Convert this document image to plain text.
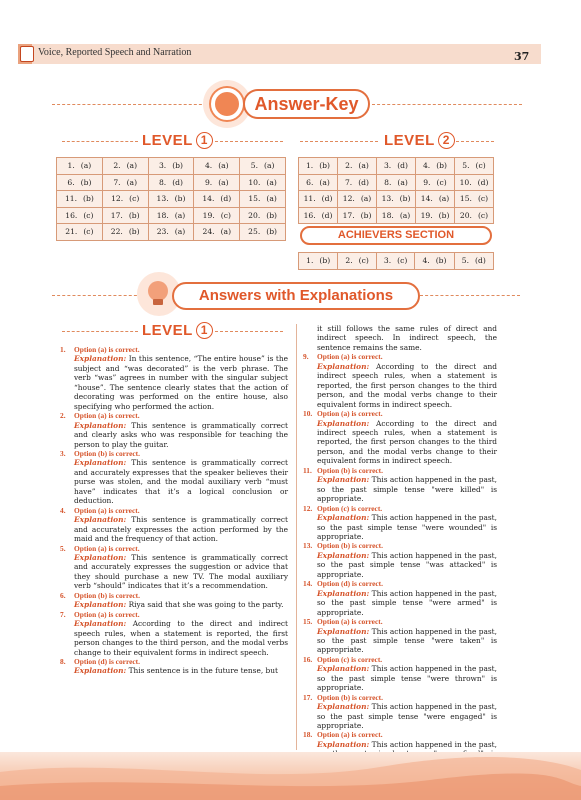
Voice, Reported Speech and Narration	37
Answer-Key
LEVEL 1	LEVEL 2
1. (a)	2. (a)	3. (b)	4. (a)	5. (a)
6. (b)	7. (a)	8. (d)	9. (a)	10. (a)
11. (b)	12. (c)	13. (b)	14. (d)	15. (a)
16. (c)	17. (b)	18. (a)	19. (c)	20. (b)
21. (c)	22. (b)	23. (a)	24. (a)	25. (b)
1. (b)	2. (a)	3. (d)	4. (b)	5. (c)
6. (a)	7. (d)	8. (a)	9. (c)	10. (d)
11. (d)	12. (a)	13. (b)	14. (a)	15. (c)
16. (d)	17. (b)	18. (a)	19. (b)	20. (c)
ACHIEVERS SECTION
1. (b)	2. (c)	3. (c)	4. (b)	5. (d)
Answers with Explanations
LEVEL 1
1. Option (a) is correct.
Explanation: In this sentence, “The entire house” is the subject and “was decorated” is the verb phrase. The verb “was” agrees in number with the singular subject “house”. The sentence clearly states that the action of decorating was performed on the entire house, also specifying who performed the action.
2. Option (a) is correct.
Explanation: This sentence is grammatically correct and clearly asks who was responsible for teaching the person to play the guitar.
3. Option (b) is correct.
Explanation: This sentence is grammatically correct and accurately expresses that the speaker believes their purse was stolen, and the modal auxiliary verb “must have” indicates that it’s a logical conclusion or deduction.
4. Option (a) is correct.
Explanation: This sentence is grammatically correct and accurately expresses the action performed by the maid and the frequency of that action.
5. Option (a) is correct.
Explanation: This sentence is grammatically correct and accurately expresses the suggestion or advice that they should purchase a new TV. The modal auxiliary verb “should” indicates that it’s a recommendation.
6. Option (b) is correct.
Explanation: Riya said that she was going to the party.
7. Option (a) is correct.
Explanation: According to the direct and indirect speech rules, when a statement is reported, the first person changes to the third person, and the modal verbs change to their equivalent forms in indirect speech.
8. Option (d) is correct.
Explanation: This sentence is in the future tense, but
it still follows the same rules of direct and indirect speech. In indirect speech, the sentence remains the same.
9. Option (a) is correct.
Explanation: According to the direct and indirect speech rules, when a statement is reported, the first person changes to the third person, and the modal verbs change to their equivalent forms in indirect speech.
10. Option (a) is correct.
Explanation: According to the direct and indirect speech rules, when a statement is reported, the first person changes to the third person, and the modal verbs change to their equivalent forms in indirect speech.
11. Option (b) is correct.
Explanation: This action happened in the past, so the past simple tense "were killed" is appropriate.
12. Option (c) is correct.
Explanation: This action happened in the past, so the past simple tense "were wounded" is appropriate.
13. Option (b) is correct.
Explanation: This action happened in the past, so the past simple tense "was attacked" is appropriate.
14. Option (d) is correct.
Explanation: This action happened in the past, so the past simple tense "were armed" is appropriate.
15. Option (a) is correct.
Explanation: This action happened in the past, so the past simple tense "were taken" is appropriate.
16. Option (c) is correct.
Explanation: This action happened in the past, so the past simple tense "were thrown" is appropriate.
17. Option (b) is correct.
Explanation: This action happened in the past, so the past simple tense "were engaged" is appropriate.
18. Option (a) is correct.
Explanation: This action happened in the past,
